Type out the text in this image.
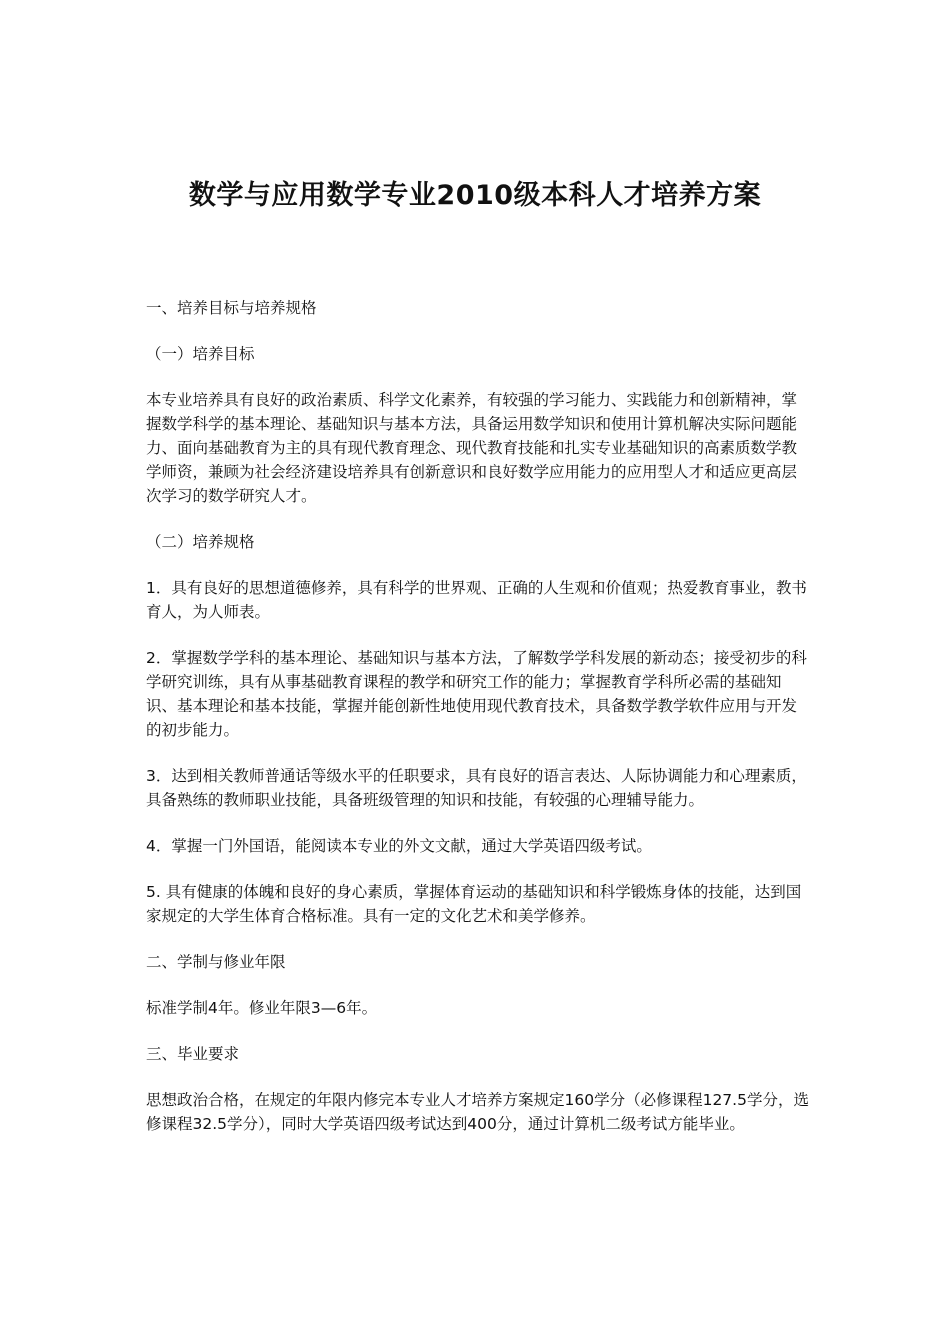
数学与应用数学专业2010级本科人才培养方案

一、培养目标与培养规格

（一）培养目标

本专业培养具有良好的政治素质、科学文化素养，有较强的学习能力、实践能力和创新精神，掌握数学科学的基本理论、基础知识与基本方法，具备运用数学知识和使用计算机解决实际问题能力、面向基础教育为主的具有现代教育理念、现代教育技能和扎实专业基础知识的高素质数学教学师资，兼顾为社会经济建设培养具有创新意识和良好数学应用能力的应用型人才和适应更高层次学习的数学研究人才。

（二）培养规格

1．具有良好的思想道德修养，具有科学的世界观、正确的人生观和价值观；热爱教育事业，教书育人，为人师表。

2．掌握数学学科的基本理论、基础知识与基本方法，了解数学学科发展的新动态；接受初步的科学研究训练，具有从事基础教育课程的教学和研究工作的能力；掌握教育学科所必需的基础知识、基本理论和基本技能，掌握并能创新性地使用现代教育技术，具备数学教学软件应用与开发的初步能力。

3．达到相关教师普通话等级水平的任职要求，具有良好的语言表达、人际协调能力和心理素质，具备熟练的教师职业技能，具备班级管理的知识和技能，有较强的心理辅导能力。

4．掌握一门外国语，能阅读本专业的外文文献，通过大学英语四级考试。

5. 具有健康的体魄和良好的身心素质，掌握体育运动的基础知识和科学锻炼身体的技能，达到国家规定的大学生体育合格标准。具有一定的文化艺术和美学修养。

二、学制与修业年限

标准学制4年。修业年限3—6年。

三、毕业要求

思想政治合格，在规定的年限内修完本专业人才培养方案规定160学分（必修课程127.5学分，选修课程32.5学分），同时大学英语四级考试达到400分，通过计算机二级考试方能毕业。
